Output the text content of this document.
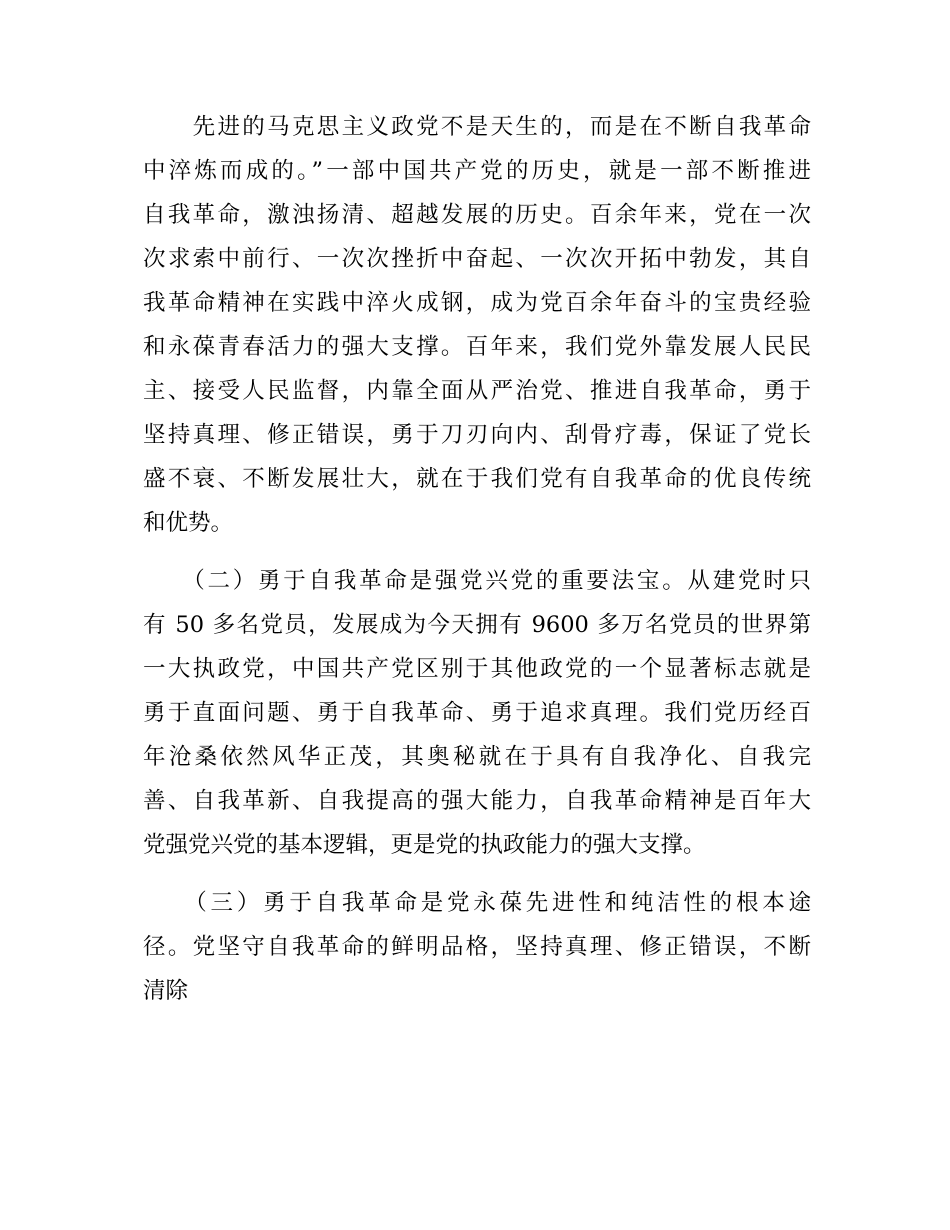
　　先进的马克思主义政党不是天生的，而是在不断自我革命
中淬炼而成的。”一部中国共产党的历史，就是一部不断推进
自我革命，激浊扬清、超越发展的历史。百余年来，党在一次
次求索中前行、一次次挫折中奋起、一次次开拓中勃发，其自
我革命精神在实践中淬火成钢，成为党百余年奋斗的宝贵经验
和永葆青春活力的强大支撑。百年来，我们党外靠发展人民民
主、接受人民监督，内靠全面从严治党、推进自我革命，勇于
坚持真理、修正错误，勇于刀刃向内、刮骨疗毒，保证了党长
盛不衰、不断发展壮大，就在于我们党有自我革命的优良传统
和优势。
　　（二）勇于自我革命是强党兴党的重要法宝。从建党时只
有 50 多名党员，发展成为今天拥有 9600 多万名党员的世界第
一大执政党，中国共产党区别于其他政党的一个显著标志就是
勇于直面问题、勇于自我革命、勇于追求真理。我们党历经百
年沧桑依然风华正茂，其奥秘就在于具有自我净化、自我完
善、自我革新、自我提高的强大能力，自我革命精神是百年大
党强党兴党的基本逻辑，更是党的执政能力的强大支撑。
　　（三）勇于自我革命是党永葆先进性和纯洁性的根本途
径。党坚守自我革命的鲜明品格，坚持真理、修正错误，不断
清除
